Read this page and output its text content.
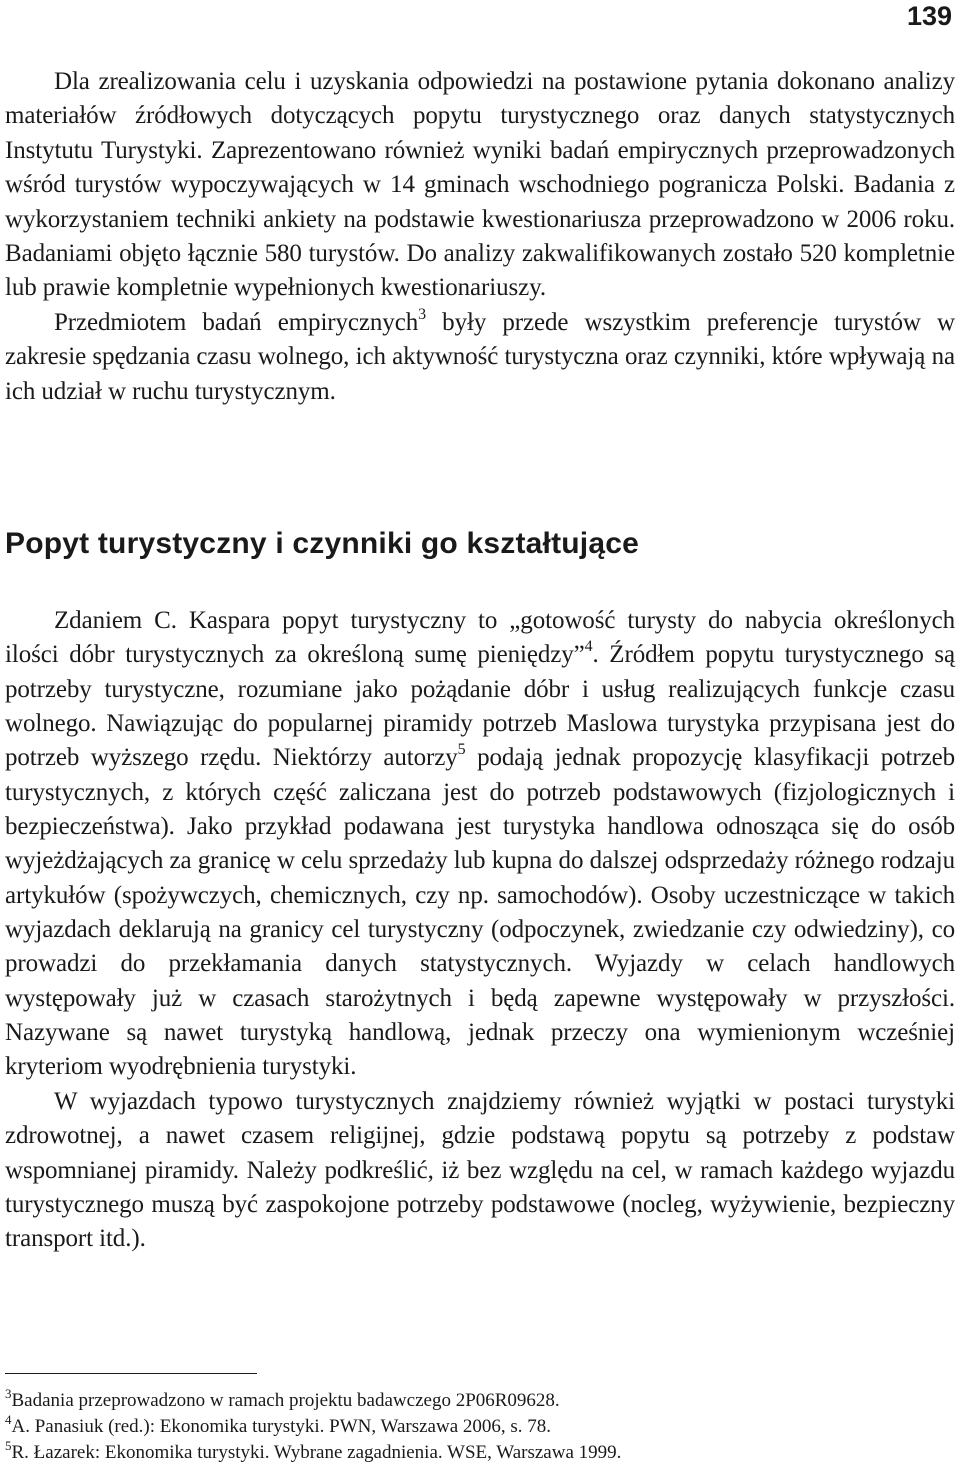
139

Dla zrealizowania celu i uzyskania odpowiedzi na postawione pytania dokonano analizy materiałów źródłowych dotyczących popytu turystycznego oraz danych statystycznych Instytutu Turystyki. Zaprezentowano również wyniki badań empirycznych przeprowadzonych wśród turystów wypoczywających w 14 gminach wschodniego pogranicza Polski. Badania z wykorzystaniem techniki ankiety na podstawie kwestionariusza przeprowadzono w 2006 roku. Badaniami objęto łącznie 580 turystów. Do analizy zakwalifikowanych zostało 520 kompletnie lub prawie kompletnie wypełnionych kwestionariuszy.

Przedmiotem badań empirycznych$^3$ były przede wszystkim preferencje turystów w zakresie spędzania czasu wolnego, ich aktywność turystyczna oraz czynniki, które wpływają na ich udział w ruchu turystycznym.

Popyt turystyczny i czynniki go kształtujące

Zdaniem C. Kaspara popyt turystyczny to „gotowość turysty do nabycia określonych ilości dóbr turystycznych za określoną sumę pieniędzy”$^4$. Źródłem popytu turystycznego są potrzeby turystyczne, rozumiane jako pożądanie dóbr i usług realizujących funkcje czasu wolnego. Nawiązując do popularnej piramidy potrzeb Maslowa turystyka przypisana jest do potrzeb wyższego rzędu. Niektórzy autorzy$^5$ podają jednak propozycję klasyfikacji potrzeb turystycznych, z których część zaliczana jest do potrzeb podstawowych (fizjologicznych i bezpieczeństwa). Jako przykład podawana jest turystyka handlowa odnosząca się do osób wyjeżdżających za granicę w celu sprzedaży lub kupna do dalszej odsprzedaży różnego rodzaju artykułów (spożywczych, chemicznych, czy np. samochodów). Osoby uczestniczące w takich wyjazdach deklarują na granicy cel turystyczny (odpoczynek, zwiedzanie czy odwiedziny), co prowadzi do przekłamania danych statystycznych. Wyjazdy w celach handlowych występowały już w czasach starożytnych i będą zapewne występowały w przyszłości. Nazywane są nawet turystyką handlową, jednak przeczy ona wymienionym wcześniej kryteriom wyodrębnienia turystyki.

W wyjazdach typowo turystycznych znajdziemy również wyjątki w postaci turystyki zdrowotnej, a nawet czasem religijnej, gdzie podstawą popytu są potrzeby z podstaw wspomnianej piramidy. Należy podkreślić, iż bez względu na cel, w ramach każdego wyjazdu turystycznego muszą być zaspokojone potrzeby podstawowe (nocleg, wyżywienie, bezpieczny transport itd.).

$^3$Badania przeprowadzono w ramach projektu badawczego 2P06R09628.
$^4$A. Panasiuk (red.): Ekonomika turystyki. PWN, Warszawa 2006, s. 78.
$^5$R. Łazarek: Ekonomika turystyki. Wybrane zagadnienia. WSE, Warszawa 1999.
